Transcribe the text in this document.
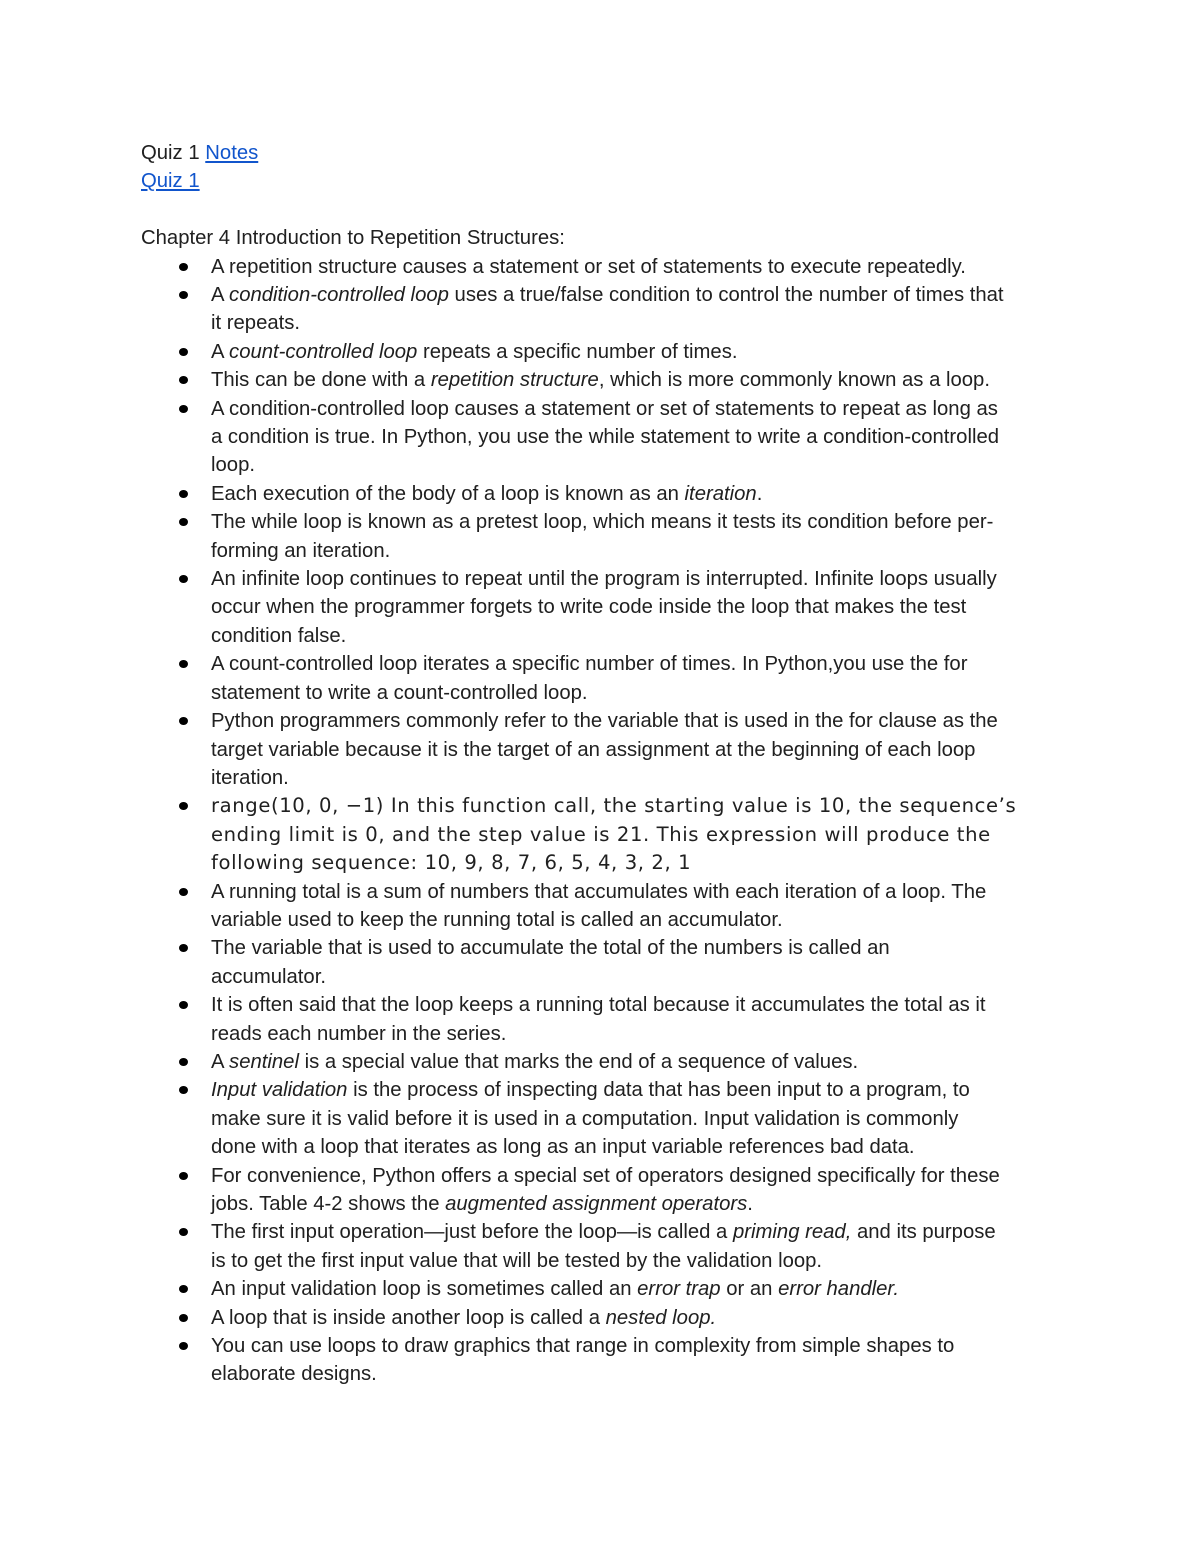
Quiz 1 Notes

Quiz 1

Chapter 4 Introduction to Repetition Structures:

A repetition structure causes a statement or set of statements to execute repeatedly.
A condition-controlled loop uses a true/false condition to control the number of times that
it repeats.
A count-controlled loop repeats a specific number of times.
This can be done with a repetition structure, which is more commonly known as a loop.
A condition-controlled loop causes a statement or set of statements to repeat as long as
a condition is true. In Python, you use the while statement to write a condition-controlled
loop.
Each execution of the body of a loop is known as an iteration.
The while loop is known as a pretest loop, which means it tests its condition before per-
forming an iteration.
An infinite loop continues to repeat until the program is interrupted. Infinite loops usually
occur when the programmer forgets to write code inside the loop that makes the test
condition false.
A count-controlled loop iterates a specific number of times. In Python,you use the for
statement to write a count-controlled loop.
Python programmers commonly refer to the variable that is used in the for clause as the
target variable because it is the target of an assignment at the beginning of each loop
iteration.
range(10, 0, −1) In this function call, the starting value is 10, the sequence’s
ending limit is 0, and the step value is 21. This expression will produce the
following sequence: 10, 9, 8, 7, 6, 5, 4, 3, 2, 1
A running total is a sum of numbers that accumulates with each iteration of a loop. The
variable used to keep the running total is called an accumulator.
The variable that is used to accumulate the total of the numbers is called an
accumulator.
It is often said that the loop keeps a running total because it accumulates the total as it
reads each number in the series.
A sentinel is a special value that marks the end of a sequence of values.
Input validation is the process of inspecting data that has been input to a program, to
make sure it is valid before it is used in a computation. Input validation is commonly
done with a loop that iterates as long as an input variable references bad data.
For convenience, Python offers a special set of operators designed specifically for these
jobs. Table 4-2 shows the augmented assignment operators.
The first input operation—just before the loop—is called a priming read, and its purpose
is to get the first input value that will be tested by the validation loop.
An input validation loop is sometimes called an error trap or an error handler.
A loop that is inside another loop is called a nested loop.
You can use loops to draw graphics that range in complexity from simple shapes to
elaborate designs.
